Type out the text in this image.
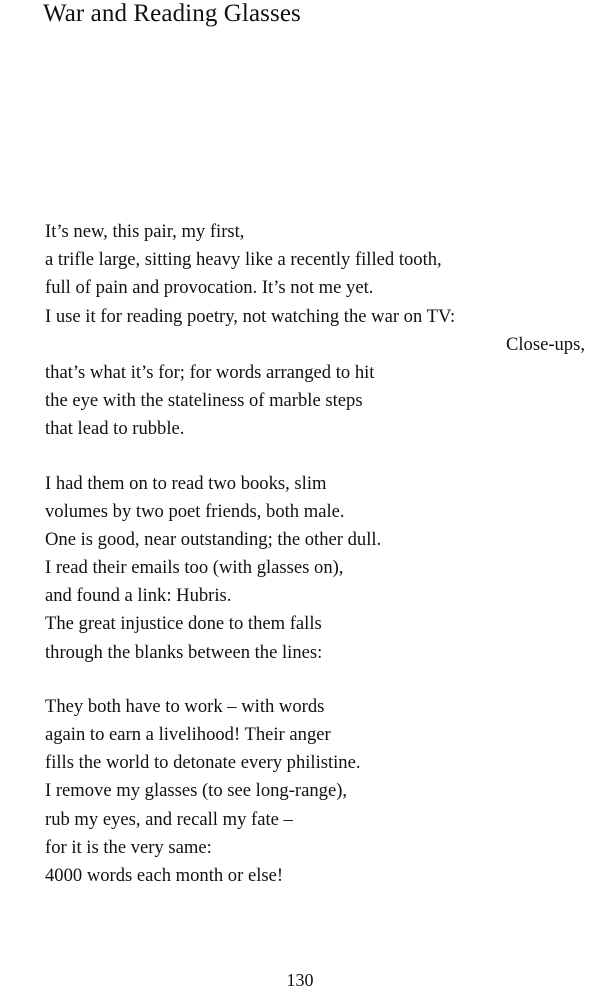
War and Reading Glasses
It’s new, this pair, my first,
a trifle large, sitting heavy like a recently filled tooth,
full of pain and provocation. It’s not me yet.
I use it for reading poetry, not watching the war on TV:
Close-ups,
that’s what it’s for; for words arranged to hit
the eye with the stateliness of marble steps
that lead to rubble.
I had them on to read two books, slim
volumes by two poet friends, both male.
One is good, near outstanding; the other dull.
I read their emails too (with glasses on),
and found a link: Hubris.
The great injustice done to them falls
through the blanks between the lines:
They both have to work – with words
again to earn a livelihood! Their anger
fills the world to detonate every philistine.
I remove my glasses (to see long-range),
rub my eyes, and recall my fate –
for it is the very same:
4000 words each month or else!
130
